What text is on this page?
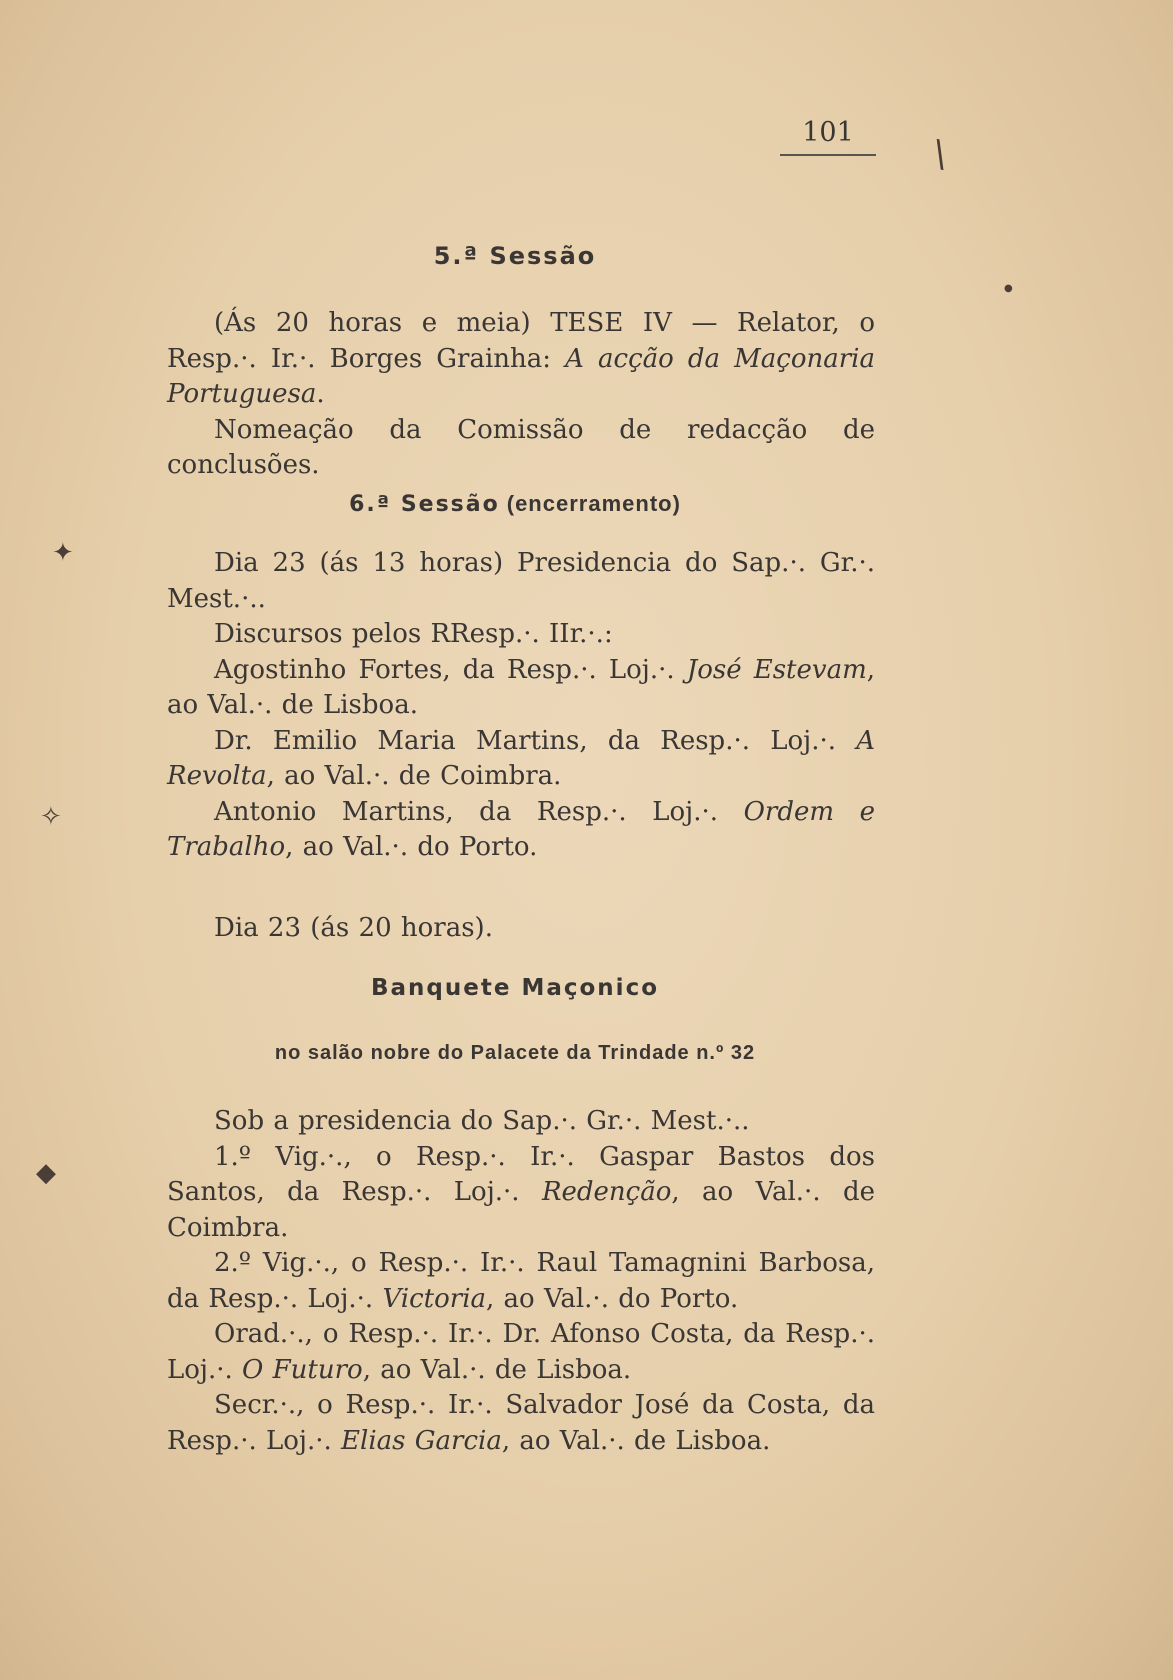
101
5.ª Sessão

(Ás 20 horas e meia) TESE IV — Relator, o Resp.·. Ir.·. Borges Grainha: A acção da Maçonaria Portuguesa.

Nomeação da Comissão de redacção de conclusões.

6.ª Sessão (encerramento)

Dia 23 (ás 13 horas) Presidencia do Sap.·. Gr.·. Mest.·..

Discursos pelos RResp.·. IIr.·.:

Agostinho Fortes, da Resp.·. Loj.·. José Estevam, ao Val.·. de Lisboa.

Dr. Emilio Maria Martins, da Resp.·. Loj.·. A Revolta, ao Val.·. de Coimbra.

Antonio Martins, da Resp.·. Loj.·. Ordem e Trabalho, ao Val.·. do Porto.

Dia 23 (ás 20 horas).

Banquete Maçonico
no salão nobre do Palacete da Trindade n.º 32

Sob a presidencia do Sap.·. Gr.·. Mest.·..

1.º Vig.·., o Resp.·. Ir.·. Gaspar Bastos dos Santos, da Resp.·. Loj.·. Redenção, ao Val.·. de Coimbra.

2.º Vig.·., o Resp.·. Ir.·. Raul Tamagnini Barbosa, da Resp.·. Loj.·. Victoria, ao Val.·. do Porto.

Orad.·., o Resp.·. Ir.·. Dr. Afonso Costa, da Resp.·. Loj.·. O Futuro, ao Val.·. de Lisboa.

Secr.·., o Resp.·. Ir.·. Salvador José da Costa, da Resp.·. Loj.·. Elias Garcia, ao Val.·. de Lisboa.

✦
✧
◆
●
\
